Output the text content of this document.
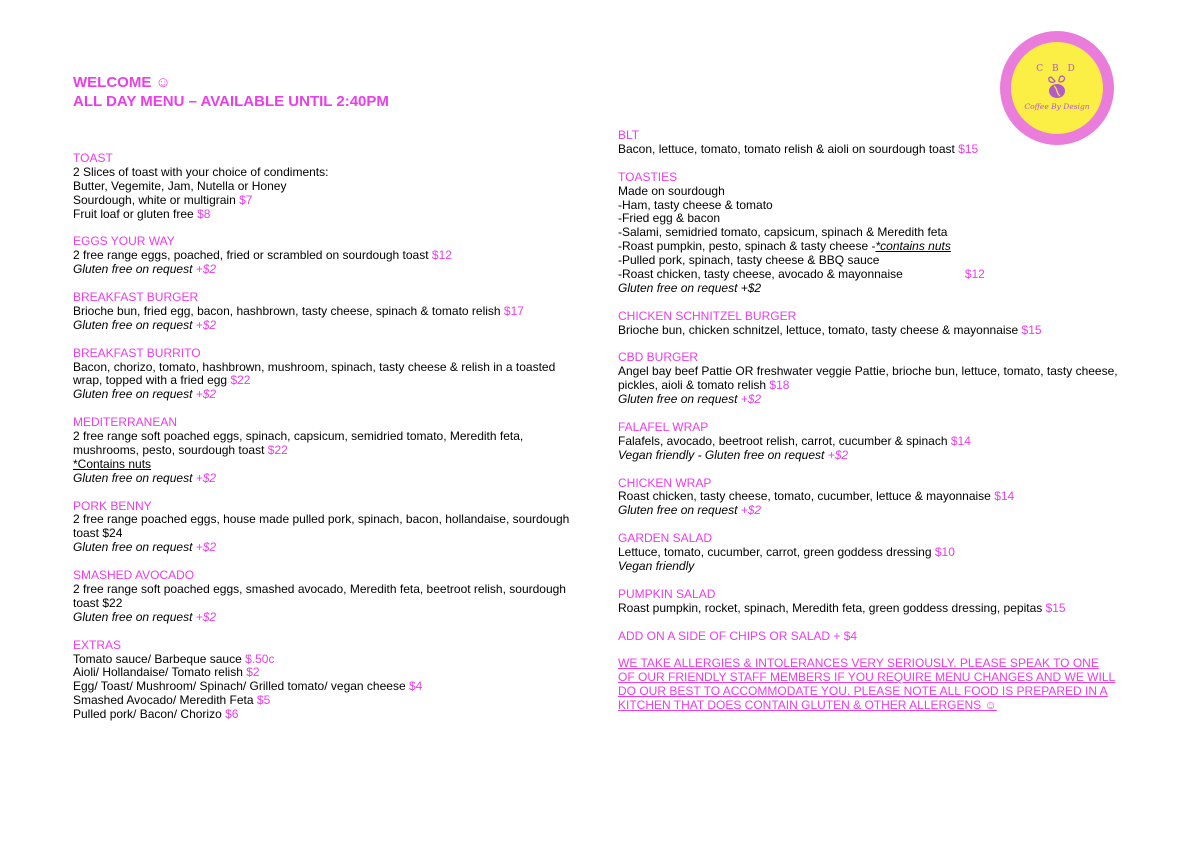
WELCOME ☺
ALL DAY MENU – AVAILABLE UNTIL 2:40PM
C B D
Coffee By Design
TOAST
2 Slices of toast with your choice of condiments:
Butter, Vegemite, Jam, Nutella or Honey
Sourdough, white or multigrain $7
Fruit loaf or gluten free $8
EGGS YOUR WAY
2 free range eggs, poached, fried or scrambled on sourdough toast $12
Gluten free on request +$2
BREAKFAST BURGER
Brioche bun, fried egg, bacon, hashbrown, tasty cheese, spinach & tomato relish $17
Gluten free on request +$2
BREAKFAST BURRITO
Bacon, chorizo, tomato, hashbrown, mushroom, spinach, tasty cheese & relish in a toasted
wrap, topped with a fried egg $22
Gluten free on request +$2
MEDITERRANEAN
2 free range soft poached eggs, spinach, capsicum, semidried tomato, Meredith feta,
mushrooms, pesto, sourdough toast $22
*Contains nuts
Gluten free on request +$2
PORK BENNY
2 free range poached eggs, house made pulled pork, spinach, bacon, hollandaise, sourdough
toast $24
Gluten free on request +$2
SMASHED AVOCADO
2 free range soft poached eggs, smashed avocado, Meredith feta, beetroot relish, sourdough
toast $22
Gluten free on request +$2
EXTRAS
Tomato sauce/ Barbeque sauce $.50c
Aioli/ Hollandaise/ Tomato relish $2
Egg/ Toast/ Mushroom/ Spinach/ Grilled tomato/ vegan cheese $4
Smashed Avocado/ Meredith Feta $5
Pulled pork/ Bacon/ Chorizo $6
BLT
Bacon, lettuce, tomato, tomato relish & aioli on sourdough toast $15
TOASTIES
Made on sourdough
-Ham, tasty cheese & tomato
-Fried egg & bacon
-Salami, semidried tomato, capsicum, spinach & Meredith feta
-Roast pumpkin, pesto, spinach & tasty cheese -*contains nuts
-Pulled pork, spinach, tasty cheese & BBQ sauce
-Roast chicken, tasty cheese, avocado & mayonnaise	$12
Gluten free on request +$2
CHICKEN SCHNITZEL BURGER
Brioche bun, chicken schnitzel, lettuce, tomato, tasty cheese & mayonnaise $15
CBD BURGER
Angel bay beef Pattie OR freshwater veggie Pattie, brioche bun, lettuce, tomato, tasty cheese,
pickles, aioli & tomato relish $18
Gluten free on request +$2
FALAFEL WRAP
Falafels, avocado, beetroot relish, carrot, cucumber & spinach $14
Vegan friendly - Gluten free on request +$2
CHICKEN WRAP
Roast chicken, tasty cheese, tomato, cucumber, lettuce & mayonnaise $14
Gluten free on request +$2
GARDEN SALAD
Lettuce, tomato, cucumber, carrot, green goddess dressing $10
Vegan friendly
PUMPKIN SALAD
Roast pumpkin, rocket, spinach, Meredith feta, green goddess dressing, pepitas $15
ADD ON A SIDE OF CHIPS OR SALAD + $4
WE TAKE ALLERGIES & INTOLERANCES VERY SERIOUSLY. PLEASE SPEAK TO ONE
OF OUR FRIENDLY STAFF MEMBERS IF YOU REQUIRE MENU CHANGES AND WE WILL
DO OUR BEST TO ACCOMMODATE YOU. PLEASE NOTE ALL FOOD IS PREPARED IN A
KITCHEN THAT DOES CONTAIN GLUTEN & OTHER ALLERGENS ☺
